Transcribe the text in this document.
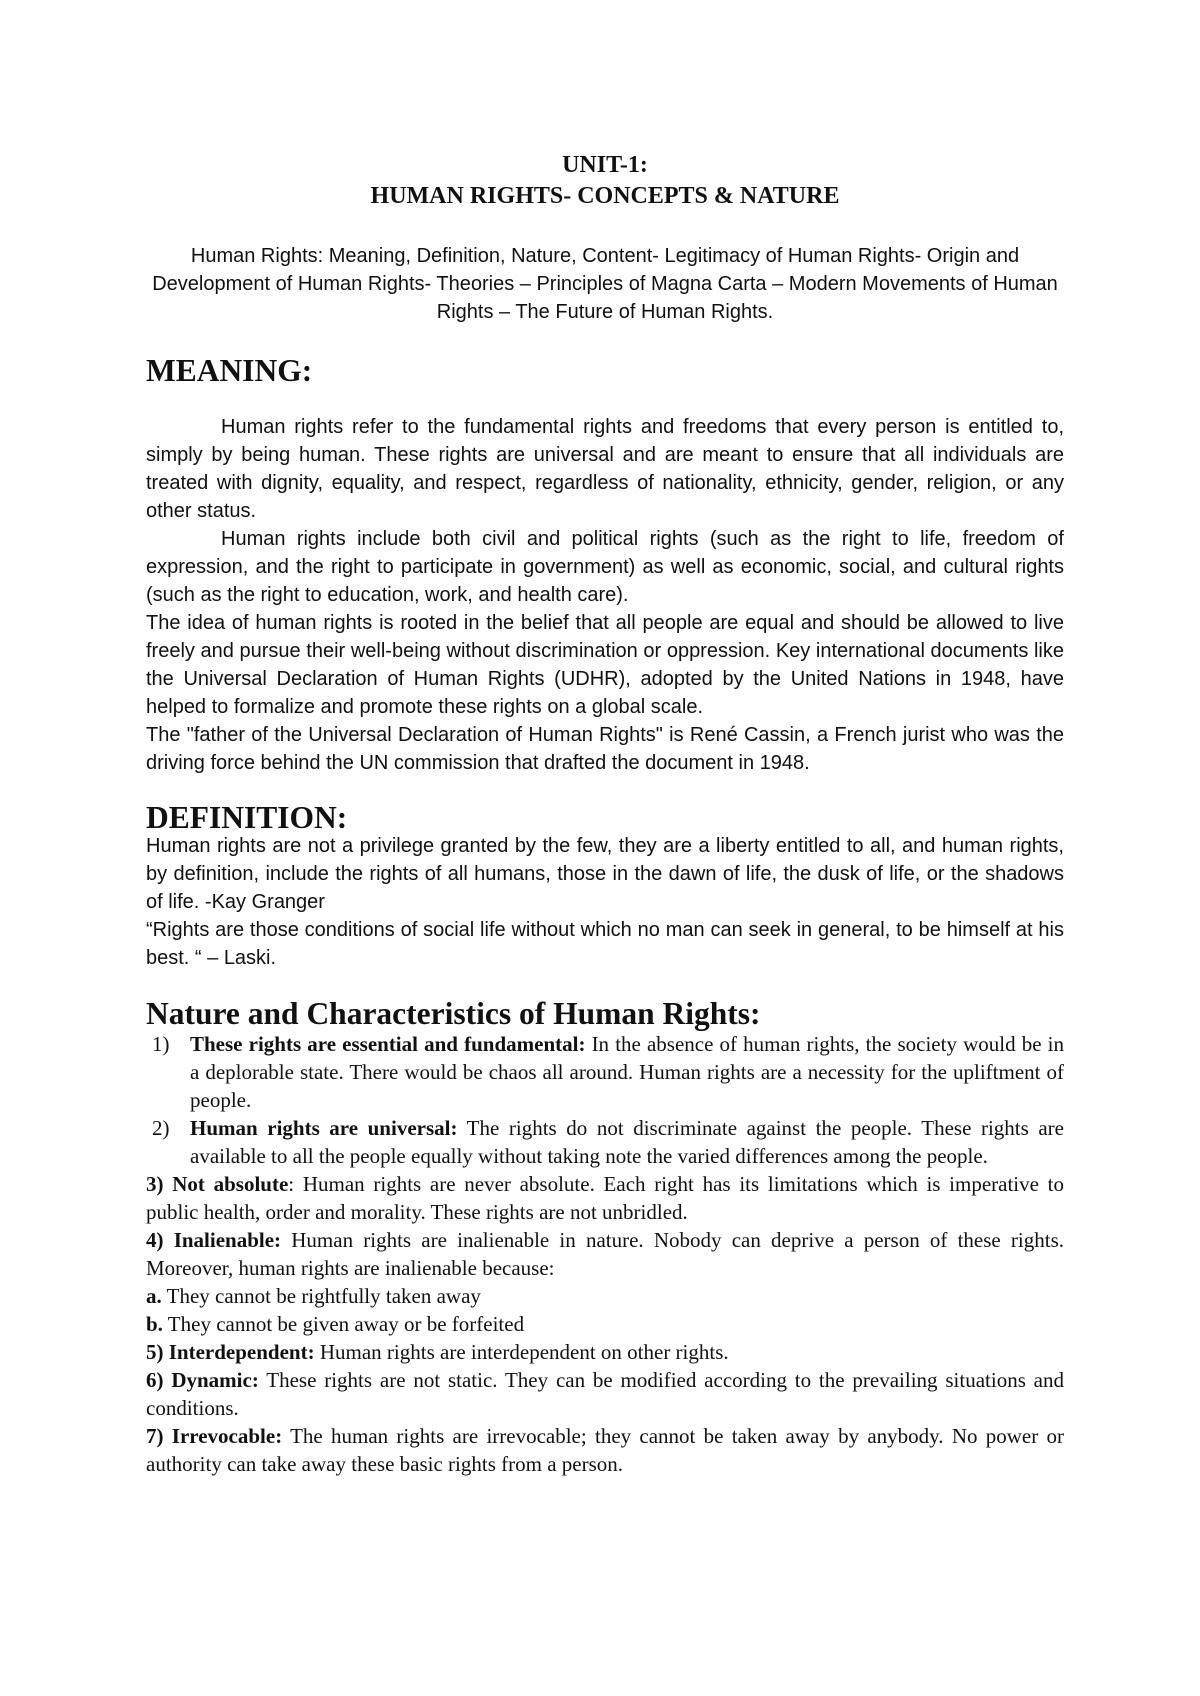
UNIT-1:
HUMAN RIGHTS- CONCEPTS & NATURE

Human Rights: Meaning, Definition, Nature, Content- Legitimacy of Human Rights- Origin and Development of Human Rights- Theories – Principles of Magna Carta – Modern Movements of Human Rights – The Future of Human Rights.

MEANING:

Human rights refer to the fundamental rights and freedoms that every person is entitled to, simply by being human. These rights are universal and are meant to ensure that all individuals are treated with dignity, equality, and respect, regardless of nationality, ethnicity, gender, religion, or any other status.

Human rights include both civil and political rights (such as the right to life, freedom of expression, and the right to participate in government) as well as economic, social, and cultural rights (such as the right to education, work, and health care).

The idea of human rights is rooted in the belief that all people are equal and should be allowed to live freely and pursue their well-being without discrimination or oppression. Key international documents like the Universal Declaration of Human Rights (UDHR), adopted by the United Nations in 1948, have helped to formalize and promote these rights on a global scale.

The "father of the Universal Declaration of Human Rights" is René Cassin, a French jurist who was the driving force behind the UN commission that drafted the document in 1948.

DEFINITION:

Human rights are not a privilege granted by the few, they are a liberty entitled to all, and human rights, by definition, include the rights of all humans, those in the dawn of life, the dusk of life, or the shadows of life. -Kay Granger

“Rights are those conditions of social life without which no man can seek in general, to be himself at his best. “ – Laski.

Nature and Characteristics of Human Rights:
1) These rights are essential and fundamental: In the absence of human rights, the society would be in a deplorable state. There would be chaos all around. Human rights are a necessity for the upliftment of people.
2) Human rights are universal: The rights do not discriminate against the people. These rights are available to all the people equally without taking note the varied differences among the people.

3) Not absolute: Human rights are never absolute. Each right has its limitations which is imperative to public health, order and morality. These rights are not unbridled.

4) Inalienable: Human rights are inalienable in nature. Nobody can deprive a person of these rights. Moreover, human rights are inalienable because:

a. They cannot be rightfully taken away

b. They cannot be given away or be forfeited

5) Interdependent: Human rights are interdependent on other rights.

6) Dynamic: These rights are not static. They can be modified according to the prevailing situations and conditions.

7) Irrevocable: The human rights are irrevocable; they cannot be taken away by anybody. No power or authority can take away these basic rights from a person.
